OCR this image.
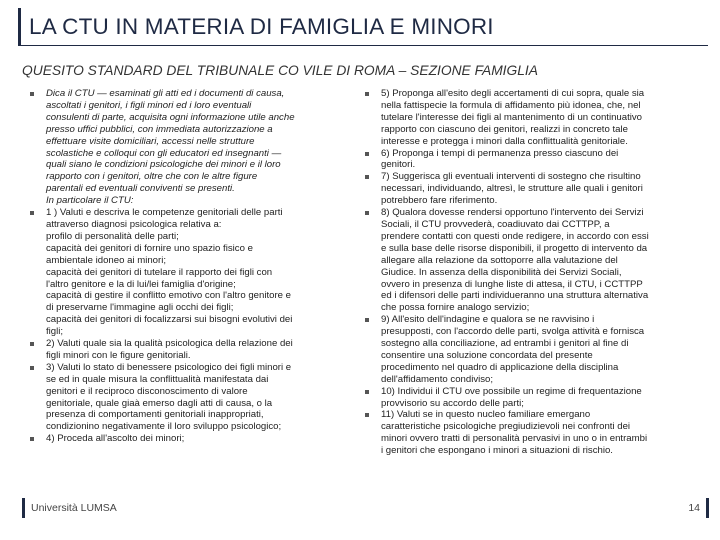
LA CTU IN MATERIA DI FAMIGLIA E MINORI
QUESITO STANDARD DEL TRIBUNALE CO VILE DI ROMA – SEZIONE FAMIGLIA

Dica il CTU — esaminati gli atti ed i documenti di causa,

ascoltati i genitori, i figli minori ed i loro eventuali

consulenti di parte, acquisita ogni informazione utile anche

presso uffici pubblici, con immediata autorizzazione a

effettuare visite domiciliari, accessi nelle strutture

scolastiche e colloqui con gli educatori ed insegnanti —

quali siano le condizioni psicologiche dei minori e il loro

rapporto con i genitori, oltre che con le altre figure

parentali ed eventuali conviventi se presenti.

In particolare il CTU:

1 ) Valuti e descriva le competenze genitoriali delle parti

attraverso diagnosi psicologica relativa a:

profilo di personalità delle parti;

capacità dei genitori di fornire uno spazio fisico e

ambientale idoneo ai minori;

capacità dei genitori di tutelare il rapporto dei figli con

l'altro genitore e la di lui/lei famiglia d'origine;

capacità di gestire il conflitto emotivo con l'altro genitore e

di preservarne l'immagine agli occhi dei figli;

capacità dei genitori di focalizzarsi sui bisogni evolutivi dei

figli;

2) Valuti quale sia la qualità psicologica della relazione dei

figli minori con le figure genitoriali.

3) Valuti lo stato di benessere psicologico dei figli minori e

se ed in quale misura la conflittualità manifestata dai

genitori e il reciproco disconoscimento di valore

genitoriale, quale giaà emerso dagli atti di causa, o la

presenza di comportamenti genitoriali inappropriati,

condizionino negativamente il loro sviluppo psicologico;

4) Proceda all'ascolto dei minori;

5) Proponga all'esito degli accertamenti di cui sopra, quale sia

nella fattispecie la formula di affidamento più idonea, che, nel

tutelare l'interesse dei figli al mantenimento di un continuativo

rapporto con ciascuno dei genitori, realizzi in concreto tale

interesse e protegga i minori dalla conflittualità genitoriale.

6) Proponga i tempi di permanenza presso ciascuno dei

genitori.

7) Suggerisca gli eventuali interventi di sostegno che risultino

necessari, individuando, altresì, le strutture alle quali i genitori

potrebbero fare riferimento.

8) Qualora dovesse rendersi opportuno l'intervento dei Servizi

Sociali, il CTU provvederà, coadiuvato dai CCTTPP, a

prendere contatti con questi onde redigere, in accordo con essi

e sulla base delle risorse disponibili, il progetto di intervento da

allegare alla relazione da sottoporre alla valutazione del

Giudice. In assenza della disponibilità dei Servizi Sociali,

ovvero in presenza di lunghe liste di attesa, il CTU, i CCTTPP

ed i difensori delle parti individueranno una struttura alternativa

che possa fornire analogo servizio;

9) All'esito dell'indagine e qualora se ne ravvisino i

presupposti, con l'accordo delle parti, svolga attività e fornisca

sostegno alla conciliazione, ad entrambi i genitori al fine di

consentire una soluzione concordata del presente

procedimento nel quadro di applicazione della disciplina

dell'affidamento condiviso;

10) Individui il CTU ove possibile un regime di frequentazione

provvisorio su accordo delle parti;

11) Valuti se in questo nucleo familiare emergano

caratteristiche psicologiche pregiudizievoli nei confronti dei

minori ovvero tratti di personalità pervasivi in uno o in entrambi

i genitori che espongano i minori a situazioni di rischio.

Università LUMSA	14
